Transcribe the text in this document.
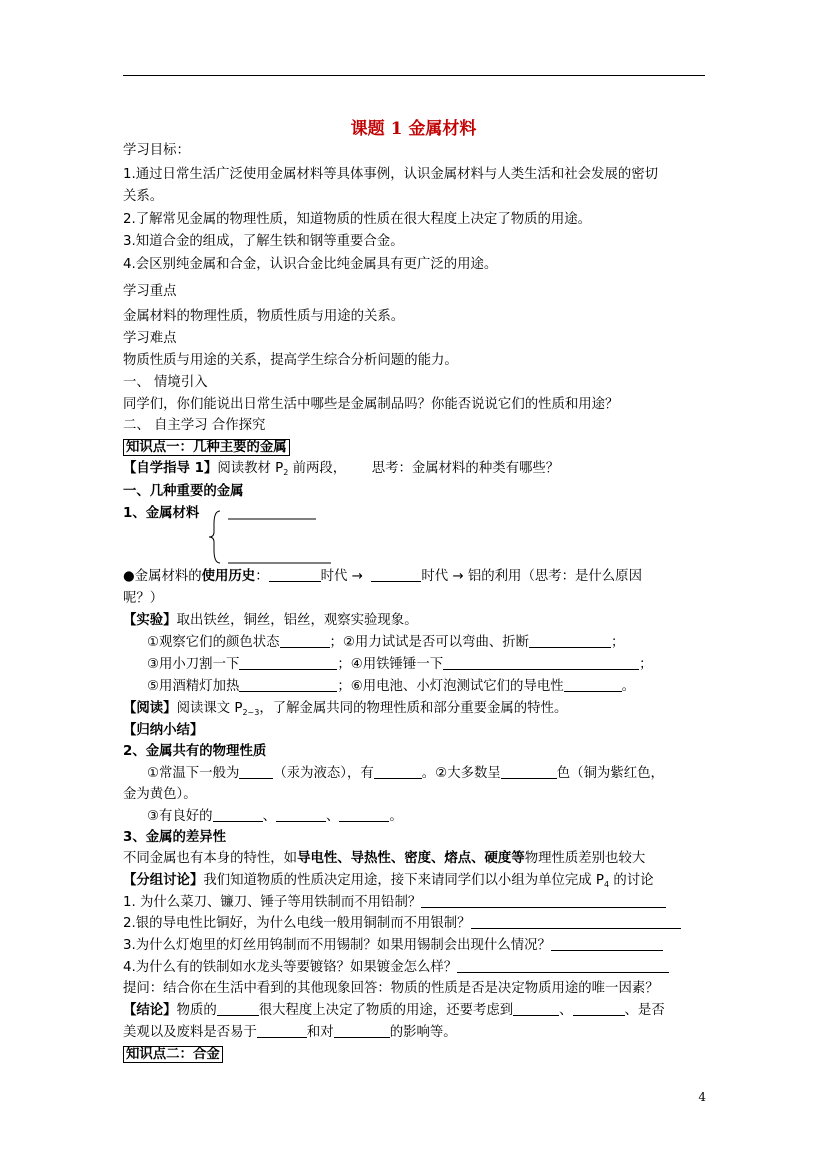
课题 1 金属材料
学习目标：
1.通过日常生活广泛使用金属材料等具体事例，认识金属材料与人类生活和社会发展的密切
关系。
2.了解常见金属的物理性质，知道物质的性质在很大程度上决定了物质的用途。
3.知道合金的组成，了解生铁和钢等重要合金。
4.会区别纯金属和合金，认识合金比纯金属具有更广泛的用途。
学习重点
金属材料的物理性质，物质性质与用途的关系。
学习难点
物质性质与用途的关系，提高学生综合分析问题的能力。
一、 情境引入
同学们，你们能说出日常生活中哪些是金属制品吗？你能否说说它们的性质和用途？
二、 自主学习 合作探究
知识点一：几种主要的金属
【自学指导 1】阅读教材 $P_2$ 前两段， 思考：金属材料的种类有哪些？
一、几种重要的金属
1、金属材料
●金属材料的使用历史：	时代 →	时代 → 铝的利用（思考：是什么原因
呢？）
【实验】取出铁丝，铜丝，铝丝，观察实验现象。
①观察它们的颜色状态	；②用力试试是否可以弯曲、折断	；
③用小刀割一下	；④用铁锤锤一下	；
⑤用酒精灯加热	；⑥用电池、小灯泡测试它们的导电性	。
【阅读】阅读课文 $P_{2\sim 3}$，了解金属共同的物理性质和部分重要金属的特性。
【归纳小结】
2、金属共有的物理性质
①常温下一般为	（汞为液态），有	。②大多数呈	色（铜为紫红色，
金为黄色）。
③有良好的	、	、	。
3、金属的差异性
不同金属也有本身的特性，如导电性、导热性、密度、熔点、硬度等物理性质差别也较大
【分组讨论】我们知道物质的性质决定用途，接下来请同学们以小组为单位完成 $P_4$ 的讨论
1. 为什么菜刀、镰刀、锤子等用铁制而不用铅制？
2.银的导电性比铜好，为什么电线一般用铜制而不用银制？
3.为什么灯炮里的灯丝用钨制而不用锡制？如果用锡制会出现什么情况？
4.为什么有的铁制如水龙头等要镀铬？如果镀金怎么样？
提问：结合你在生活中看到的其他现象回答：物质的性质是否是决定物质用途的唯一因素？
【结论】物质的	很大程度上决定了物质的用途，还要考虑到	、	、是否
美观以及废料是否易于	和对	的影响等。
知识点二：合金
4
